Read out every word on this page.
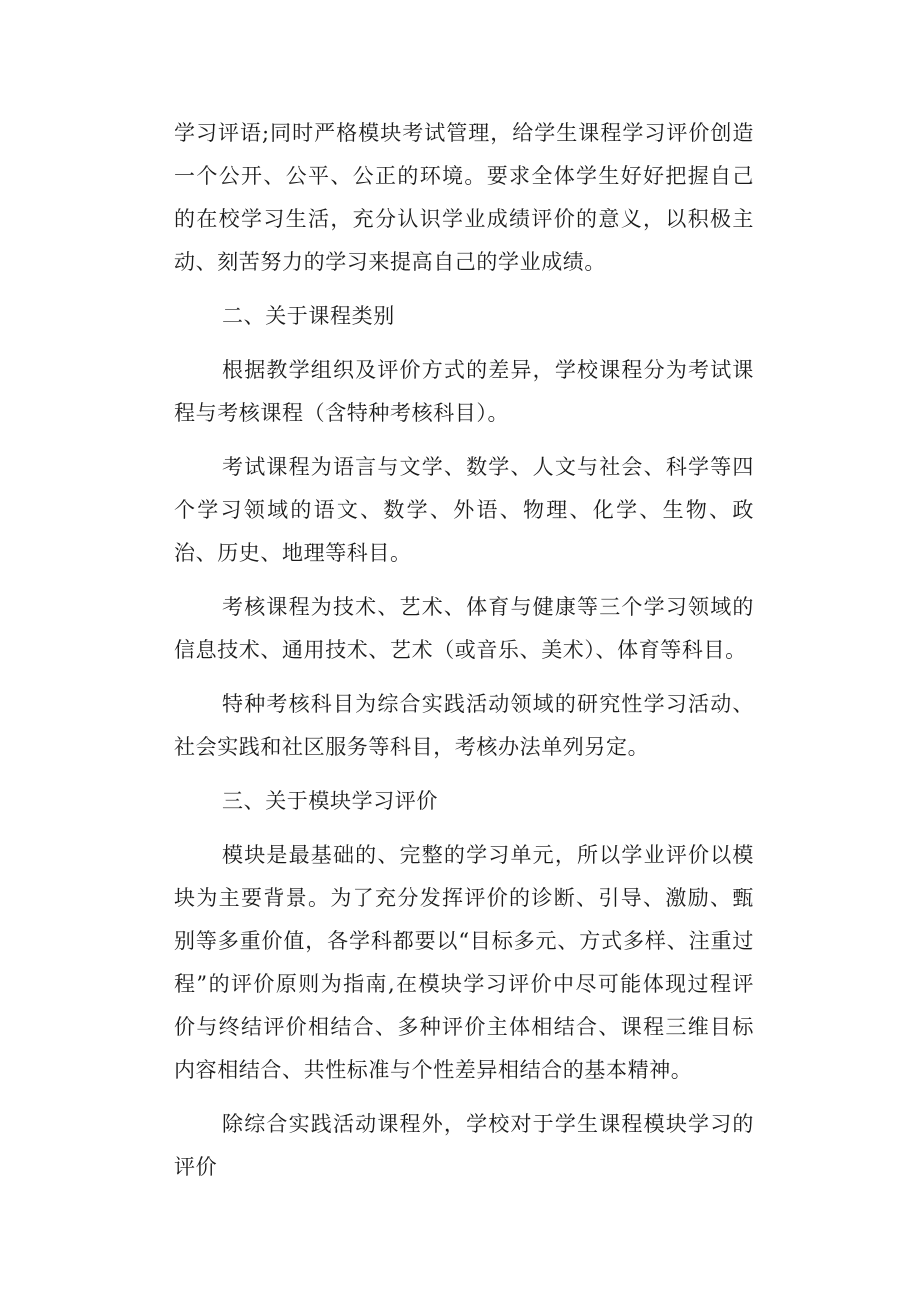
学习评语;同时严格模块考试管理，给学生课程学习评价创造一个公开、公平、公正的环境。要求全体学生好好把握自己的在校学习生活，充分认识学业成绩评价的意义，以积极主动、刻苦努力的学习来提高自己的学业成绩。

二、关于课程类别

根据教学组织及评价方式的差异，学校课程分为考试课程与考核课程（含特种考核科目）。

考试课程为语言与文学、数学、人文与社会、科学等四个学习领域的语文、数学、外语、物理、化学、生物、政治、历史、地理等科目。

考核课程为技术、艺术、体育与健康等三个学习领域的信息技术、通用技术、艺术（或音乐、美术）、体育等科目。

特种考核科目为综合实践活动领域的研究性学习活动、社会实践和社区服务等科目，考核办法单列另定。

三、关于模块学习评价

模块是最基础的、完整的学习单元，所以学业评价以模块为主要背景。为了充分发挥评价的诊断、引导、激励、甄别等多重价值，各学科都要以“目标多元、方式多样、注重过程”的评价原则为指南,在模块学习评价中尽可能体现过程评价与终结评价相结合、多种评价主体相结合、课程三维目标内容相结合、共性标准与个性差异相结合的基本精神。

除综合实践活动课程外，学校对于学生课程模块学习的评价
